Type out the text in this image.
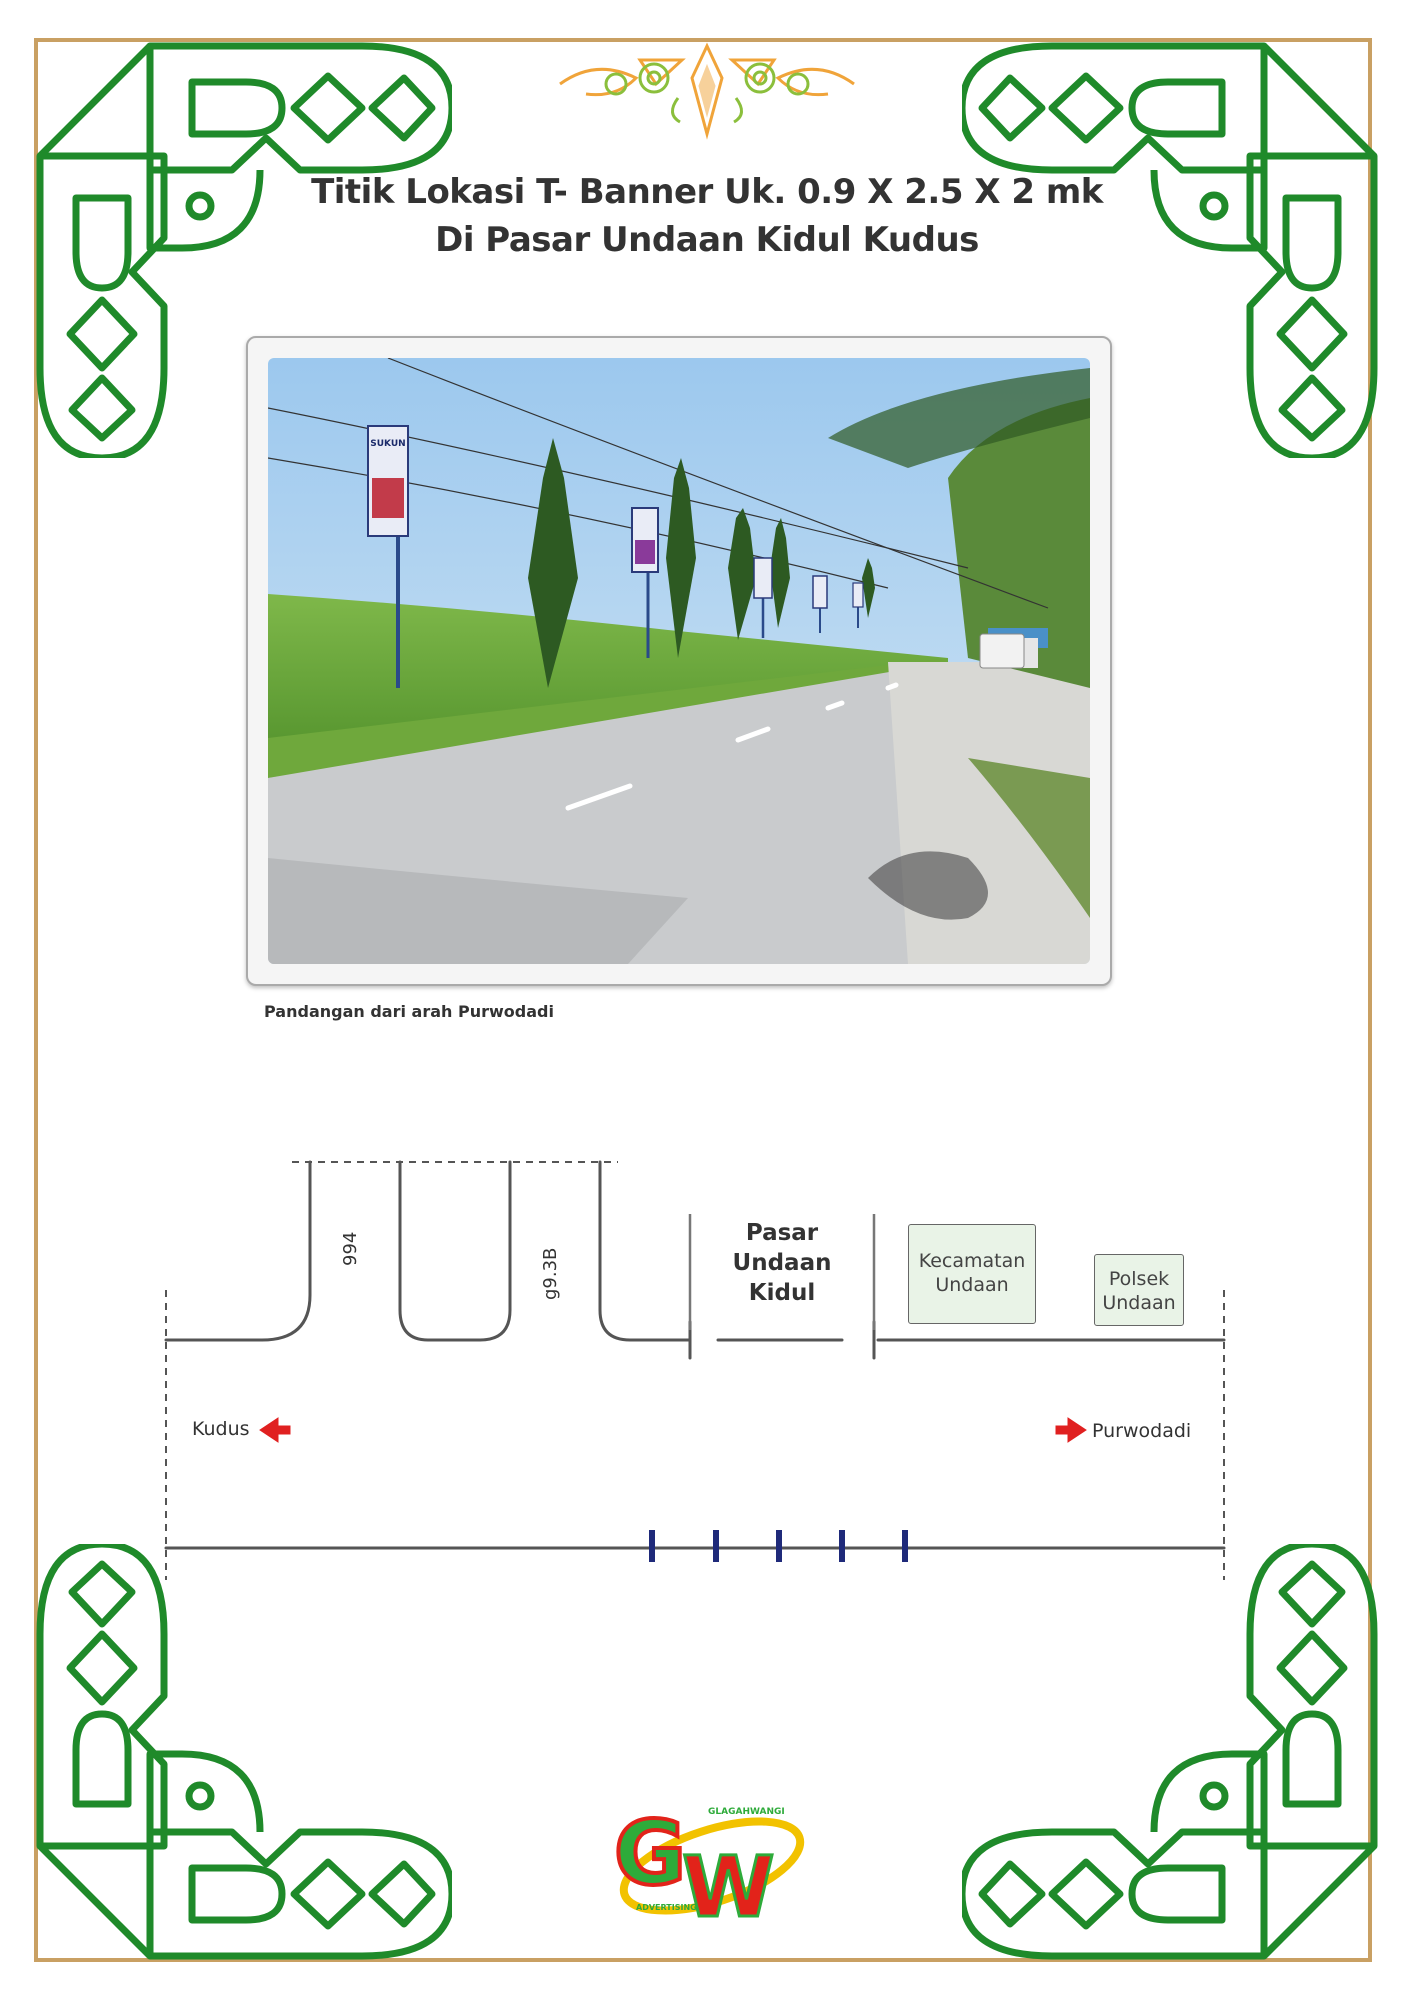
Titik Lokasi T- Banner Uk. 0.9 X 2.5 X 2 mk
Di Pasar Undaan Kidul Kudus
SUKUN
Pandangan dari arah Purwodadi
994	g9.3B
Pasar
Undaan
Kidul
Kecamatan
Undaan	Polsek
Undaan
Kudus	Purwodadi
G
W
GLAGAHWANGI
ADVERTISING
